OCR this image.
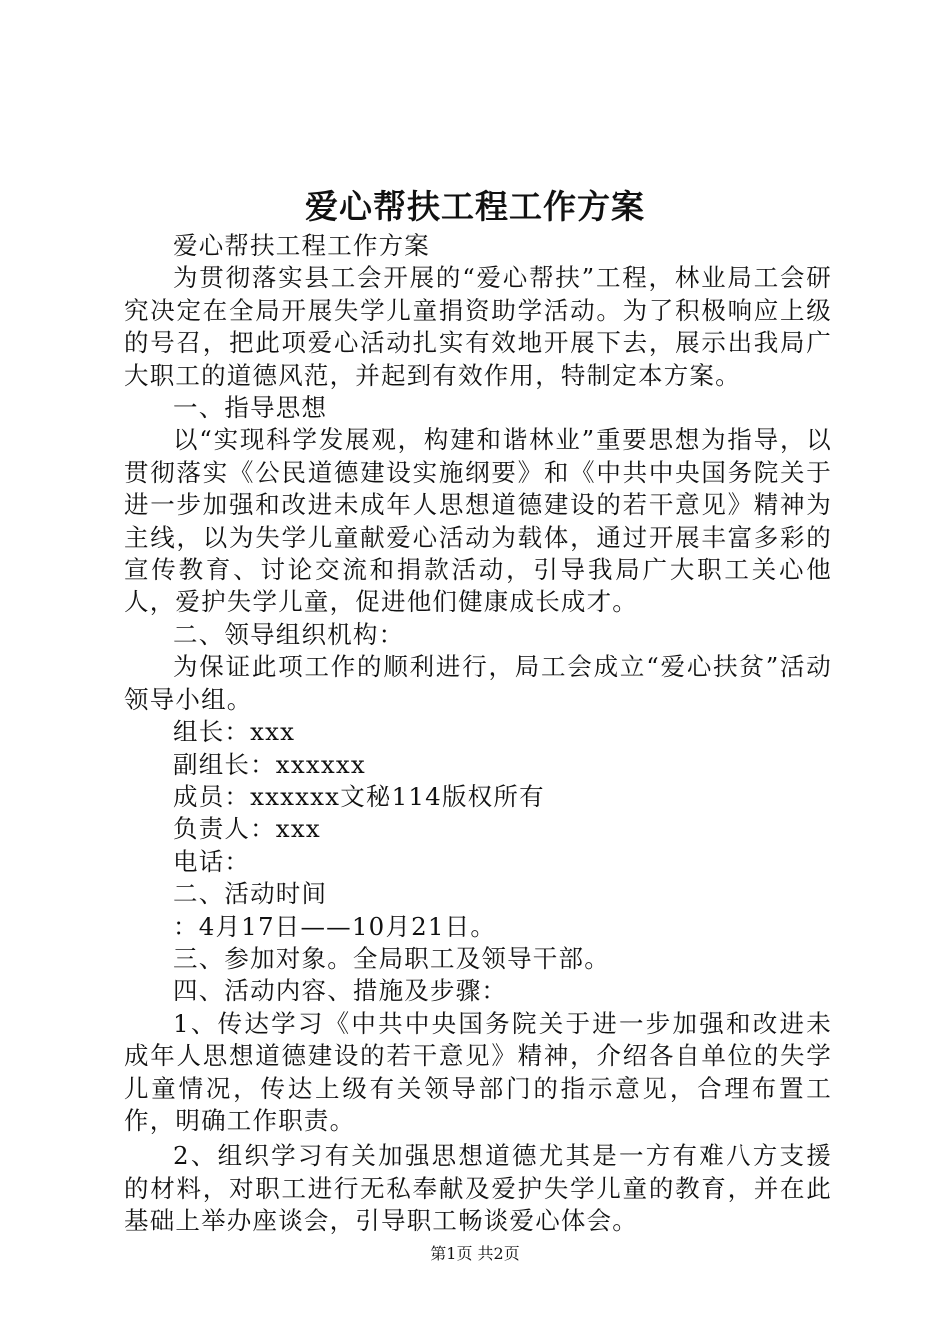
爱心帮扶工程工作方案

爱心帮扶工程工作方案

为贯彻落实县工会开展的“爱心帮扶”工程，林业局工会研究决定在全局开展失学儿童捐资助学活动。为了积极响应上级的号召，把此项爱心活动扎实有效地开展下去，展示出我局广大职工的道德风范，并起到有效作用，特制定本方案。

一、指导思想

以“实现科学发展观，构建和谐林业”重要思想为指导，以贯彻落实《公民道德建设实施纲要》和《中共中央国务院关于进一步加强和改进未成年人思想道德建设的若干意见》精神为主线，以为失学儿童献爱心活动为载体，通过开展丰富多彩的宣传教育、讨论交流和捐款活动，引导我局广大职工关心他人，爱护失学儿童，促进他们健康成长成才。

二、领导组织机构：

为保证此项工作的顺利进行，局工会成立“爱心扶贫”活动领导小组。

组长：xxx

副组长：xxxxxx

成员：xxxxxx文秘114版权所有

负责人：xxx

电话：

二、活动时间

：4月17日——10月21日。

三、参加对象。全局职工及领导干部。

四、活动内容、措施及步骤：

1、传达学习《中共中央国务院关于进一步加强和改进未成年人思想道德建设的若干意见》精神，介绍各自单位的失学儿童情况，传达上级有关领导部门的指示意见，合理布置工作，明确工作职责。

2、组织学习有关加强思想道德尤其是一方有难八方支援的材料，对职工进行无私奉献及爱护失学儿童的教育，并在此基础上举办座谈会，引导职工畅谈爱心体会。

第1页 共2页
